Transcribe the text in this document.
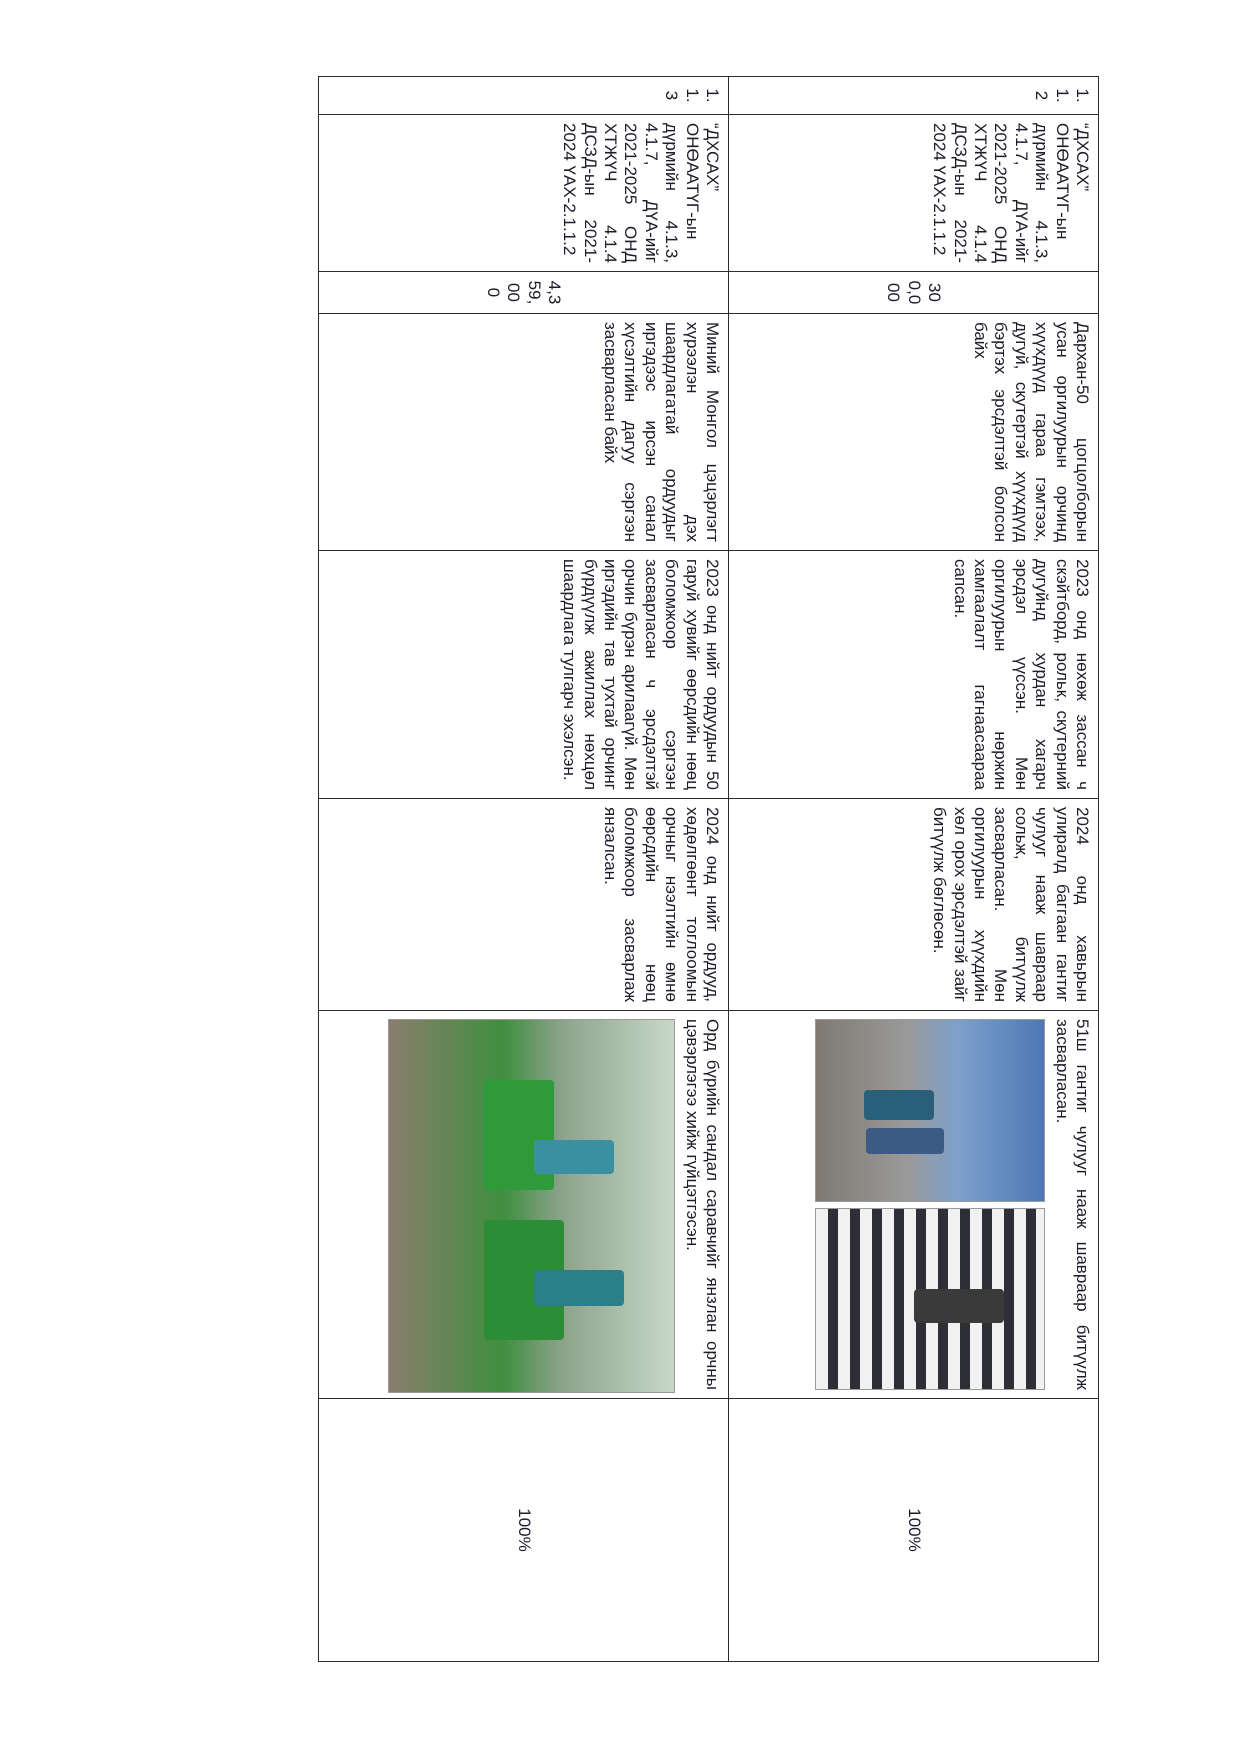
1.1.2	“ДХСАХ” ОНӨААТҮГ-ын дүрмийн 4.1.3, 4.1.7, ДҮА-ийг 2021-2025 ОНД ХТЖҮЧ 4.1.4 ДСЗД-ын 2021-2024 ҮАХ-2.1.1.2	300,000	Дархан-50 цогцолборын усан оргилуурын орчинд хүүхдүүд гараа гэмтээх, дугуй, скутертэй хүүхдүүд бэртэх эрсдэлтэй болсон байх	2023 онд нөхөж зассан ч скэйтборд, рольк, скутерний дугуйнд хурдан хагарч эрсдэл үүссэн. Мөн оргилуурын нөржин хамгаалалт гагнаасаараа сапсан.	2024 онд хавьрын улиралд баггаан гантиг чулууг нааж шавраар сольж, битүүлж засварласан. Мөн оргилуурын хүүхдийн хөл орох эрсдэлтэй зайг битүүлж бөглөсөн.	51ш гантиг чулууг нааж шавраар битүүлж засварласан.	100%
1.1.3	“ДХСАХ” ОНӨААТҮГ-ын дүрмийн 4.1.3, 4.1.7, ДҮА-ийг 2021-2025 ОНД ХТЖҮЧ 4.1.4 ДСЗД-ын 2021-2024 ҮАХ-2.1.1.2	4,359,000	Миний Монгол цэцэрлэгт хүрээлэн дэх шаардлагатай ордуудыг иргэдээс ирсэн санал хүсэлтийн дагуу сэргээн засварласан байх	2023 онд нийт ордуудын 50 гаруй хувийг өөрсдийн нөөц боломжоор сэргээн засварласан ч эрсдэлтэй орчин бүрэн арилаагүй. Мөн иргэдийн тав тухтай орчинг бүрдүүлж ажиллах нөхцөл шаардлага тулгарч эхэлсэн.	2024 онд нийт ордууд, хөдөлгөөнт тоглоомын орчныг нээлтийн өмнө өөрсдийн нөөц боломжоор засварлаж янзалсан.	Орд бүрийн сандал саравчийг янзлан орчны цэвэрлэгээ хийж гүйцэтгэсэн.	100%
